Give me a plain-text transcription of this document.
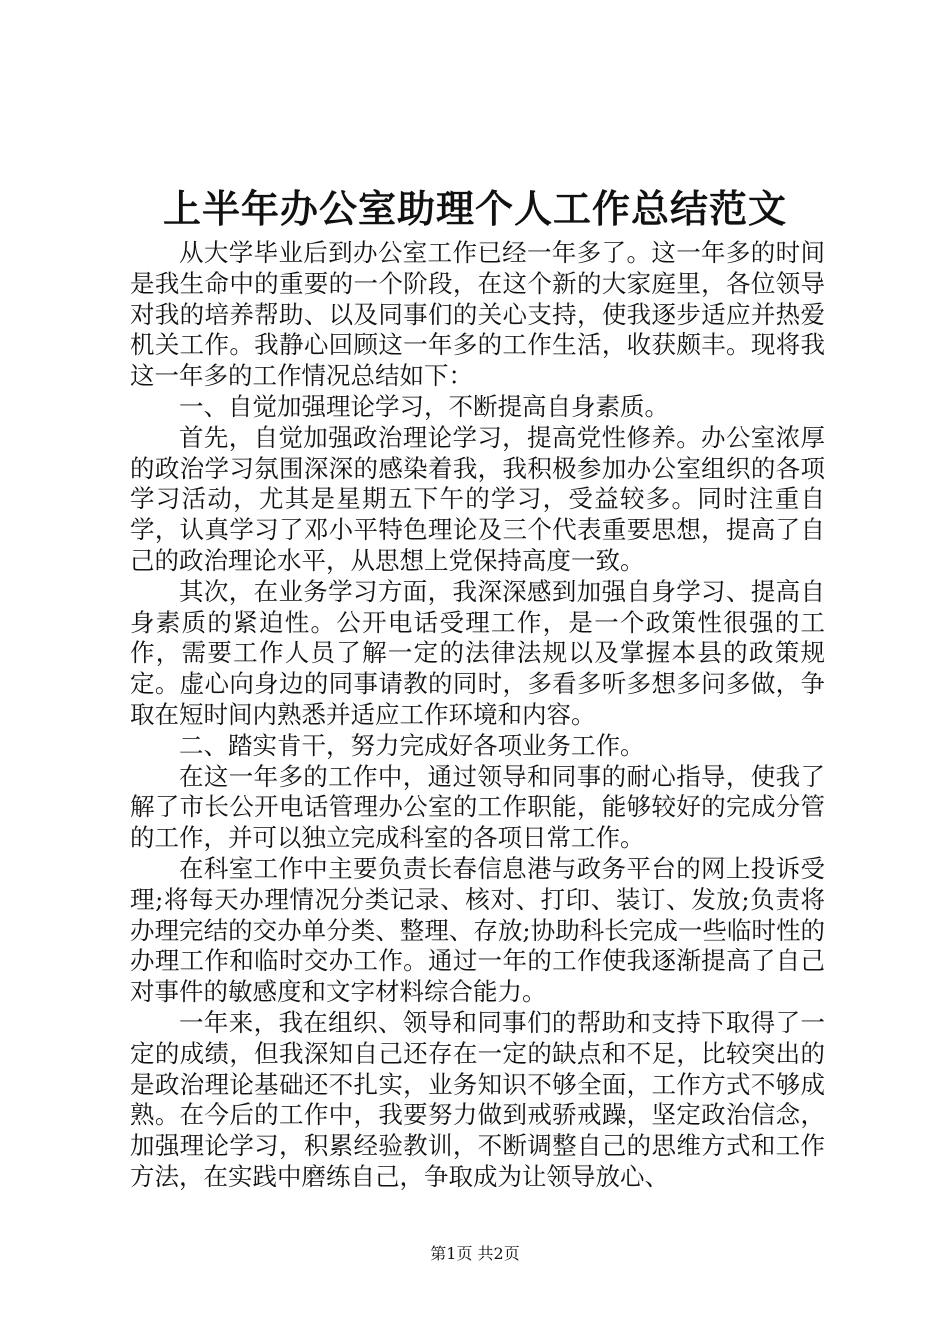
上半年办公室助理个人工作总结范文

从大学毕业后到办公室工作已经一年多了。这一年多的时间是我生命中的重要的一个阶段，在这个新的大家庭里，各位领导对我的培养帮助、以及同事们的关心支持，使我逐步适应并热爱机关工作。我静心回顾这一年多的工作生活，收获颇丰。现将我这一年多的工作情况总结如下：

一、自觉加强理论学习，不断提高自身素质。

首先，自觉加强政治理论学习，提高党性修养。办公室浓厚的政治学习氛围深深的感染着我，我积极参加办公室组织的各项学习活动，尤其是星期五下午的学习，受益较多。同时注重自学，认真学习了邓小平特色理论及三个代表重要思想，提高了自己的政治理论水平，从思想上党保持高度一致。

其次，在业务学习方面，我深深感到加强自身学习、提高自身素质的紧迫性。公开电话受理工作，是一个政策性很强的工作，需要工作人员了解一定的法律法规以及掌握本县的政策规定。虚心向身边的同事请教的同时，多看多听多想多问多做，争取在短时间内熟悉并适应工作环境和内容。

二、踏实肯干，努力完成好各项业务工作。

在这一年多的工作中，通过领导和同事的耐心指导，使我了解了市长公开电话管理办公室的工作职能，能够较好的完成分管的工作，并可以独立完成科室的各项日常工作。

在科室工作中主要负责长春信息港与政务平台的网上投诉受理;将每天办理情况分类记录、核对、打印、装订、发放;负责将办理完结的交办单分类、整理、存放;协助科长完成一些临时性的办理工作和临时交办工作。通过一年的工作使我逐渐提高了自己对事件的敏感度和文字材料综合能力。

一年来，我在组织、领导和同事们的帮助和支持下取得了一定的成绩，但我深知自己还存在一定的缺点和不足，比较突出的是政治理论基础还不扎实，业务知识不够全面，工作方式不够成熟。在今后的工作中，我要努力做到戒骄戒躁，坚定政治信念，加强理论学习，积累经验教训，不断调整自己的思维方式和工作方法，在实践中磨练自己，争取成为让领导放心、

第1页 共2页
